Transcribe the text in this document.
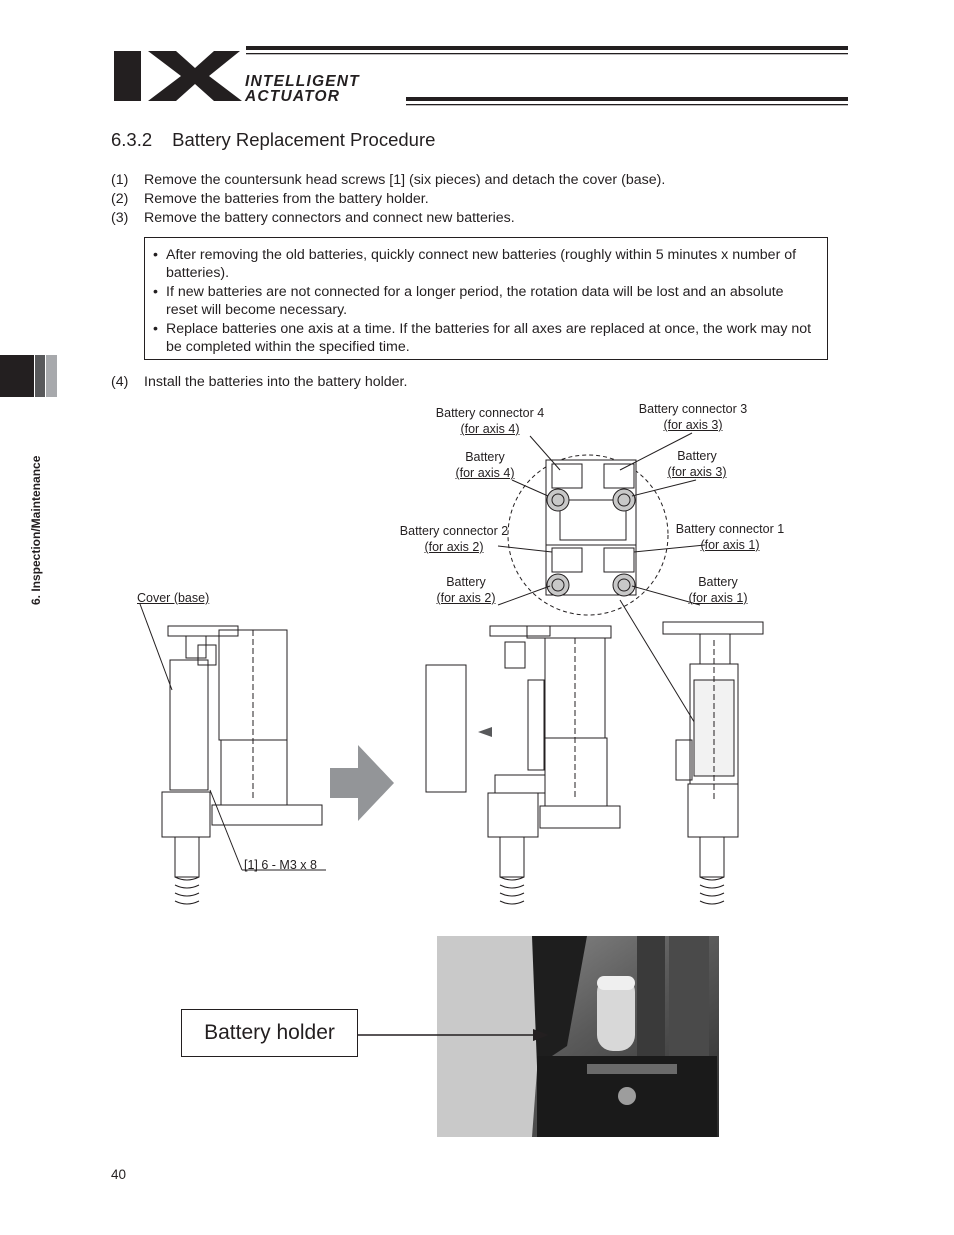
INTELLIGENT
ACTUATOR
6. Inspection/Maintenance
6.3.2 Battery Replacement Procedure
(1) Remove the countersunk head screws [1] (six pieces) and detach the cover (base).
(2) Remove the batteries from the battery holder.
(3) Remove the battery connectors and connect new batteries.
• After removing the old batteries, quickly connect new batteries (roughly within 5 minutes x number of batteries).
• If new batteries are not connected for a longer period, the rotation data will be lost and an absolute reset will become necessary.
• Replace batteries one axis at a time. If the batteries for all axes are replaced at once, the work may not be completed within the specified time.
(4) Install the batteries into the battery holder.
Battery connector 4
(for axis 4)
Battery connector 3
(for axis 3)
Battery
(for axis 4)
Battery
(for axis 3)
Battery connector 2
(for axis 2)
Battery connector 1
(for axis 1)
Battery
(for axis 2)
Battery
(for axis 1)
Cover (base)
[1] 6 - M3 x 8
Battery holder
40
